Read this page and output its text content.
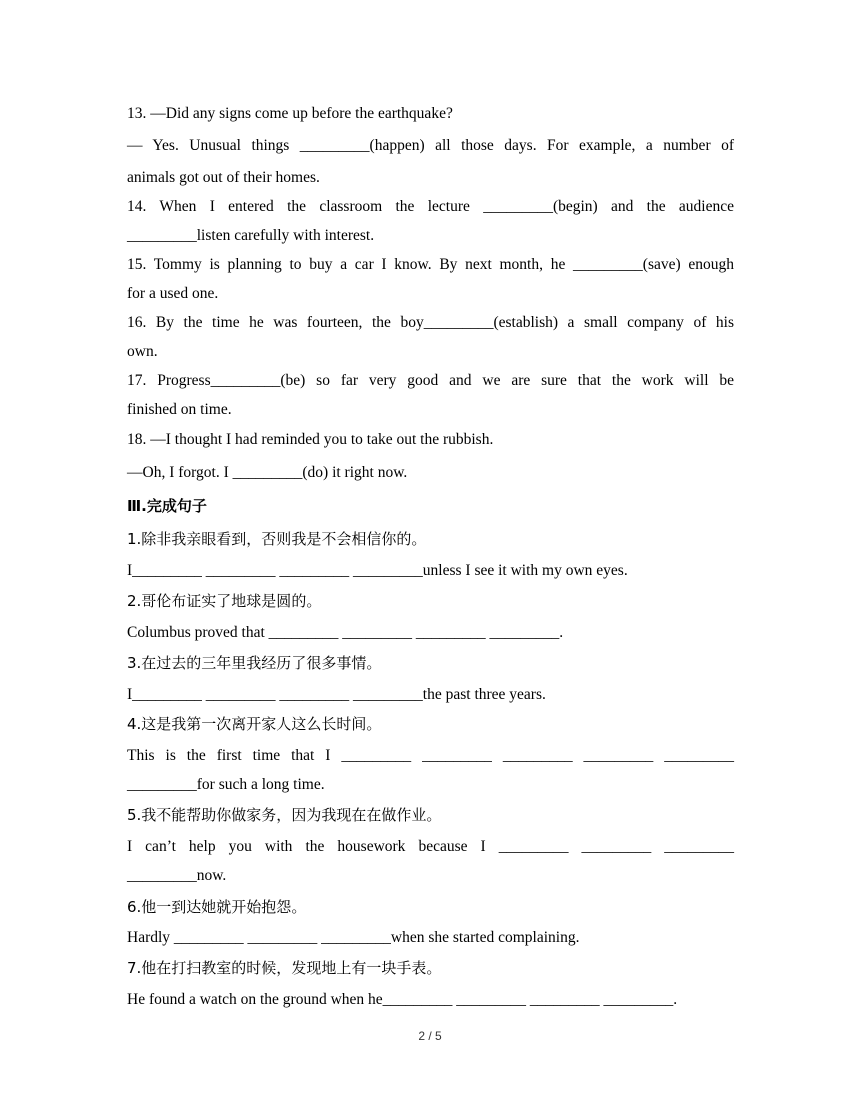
13. —Did any signs come up before the earthquake?
— Yes. Unusual things _________(happen) all those days. For example, a number of
animals got out of their homes.
14. When I entered the classroom the lecture _________(begin) and the audience
_________listen carefully with interest.
15. Tommy is planning to buy a car I know. By next month, he _________(save) enough
for a used one.
16. By the time he was fourteen, the boy_________(establish) a small company of his
own.
17. Progress_________(be) so far very good and we are sure that the work will be
finished on time.
18. —I thought I had reminded you to take out the rubbish.
—Oh, I forgot. I _________(do) it right now.
Ⅲ.完成句子
1.除非我亲眼看到，否则我是不会相信你的。
I_________ _________ _________ _________unless I see it with my own eyes.
2.哥伦布证实了地球是圆的。
Columbus proved that _________ _________ _________ _________.
3.在过去的三年里我经历了很多事情。
I_________ _________ _________ _________the past three years.
4.这是我第一次离开家人这么长时间。
This is the first time that I _________ _________ _________ _________ _________
_________for such a long time.
5.我不能帮助你做家务，因为我现在在做作业。
I can’t help you with the housework because I _________ _________ _________
_________now.
6.他一到达她就开始抱怨。
Hardly _________ _________ _________when she started complaining.
7.他在打扫教室的时候，发现地上有一块手表。
He found a watch on the ground when he_________ _________ _________ _________.
2 / 5
